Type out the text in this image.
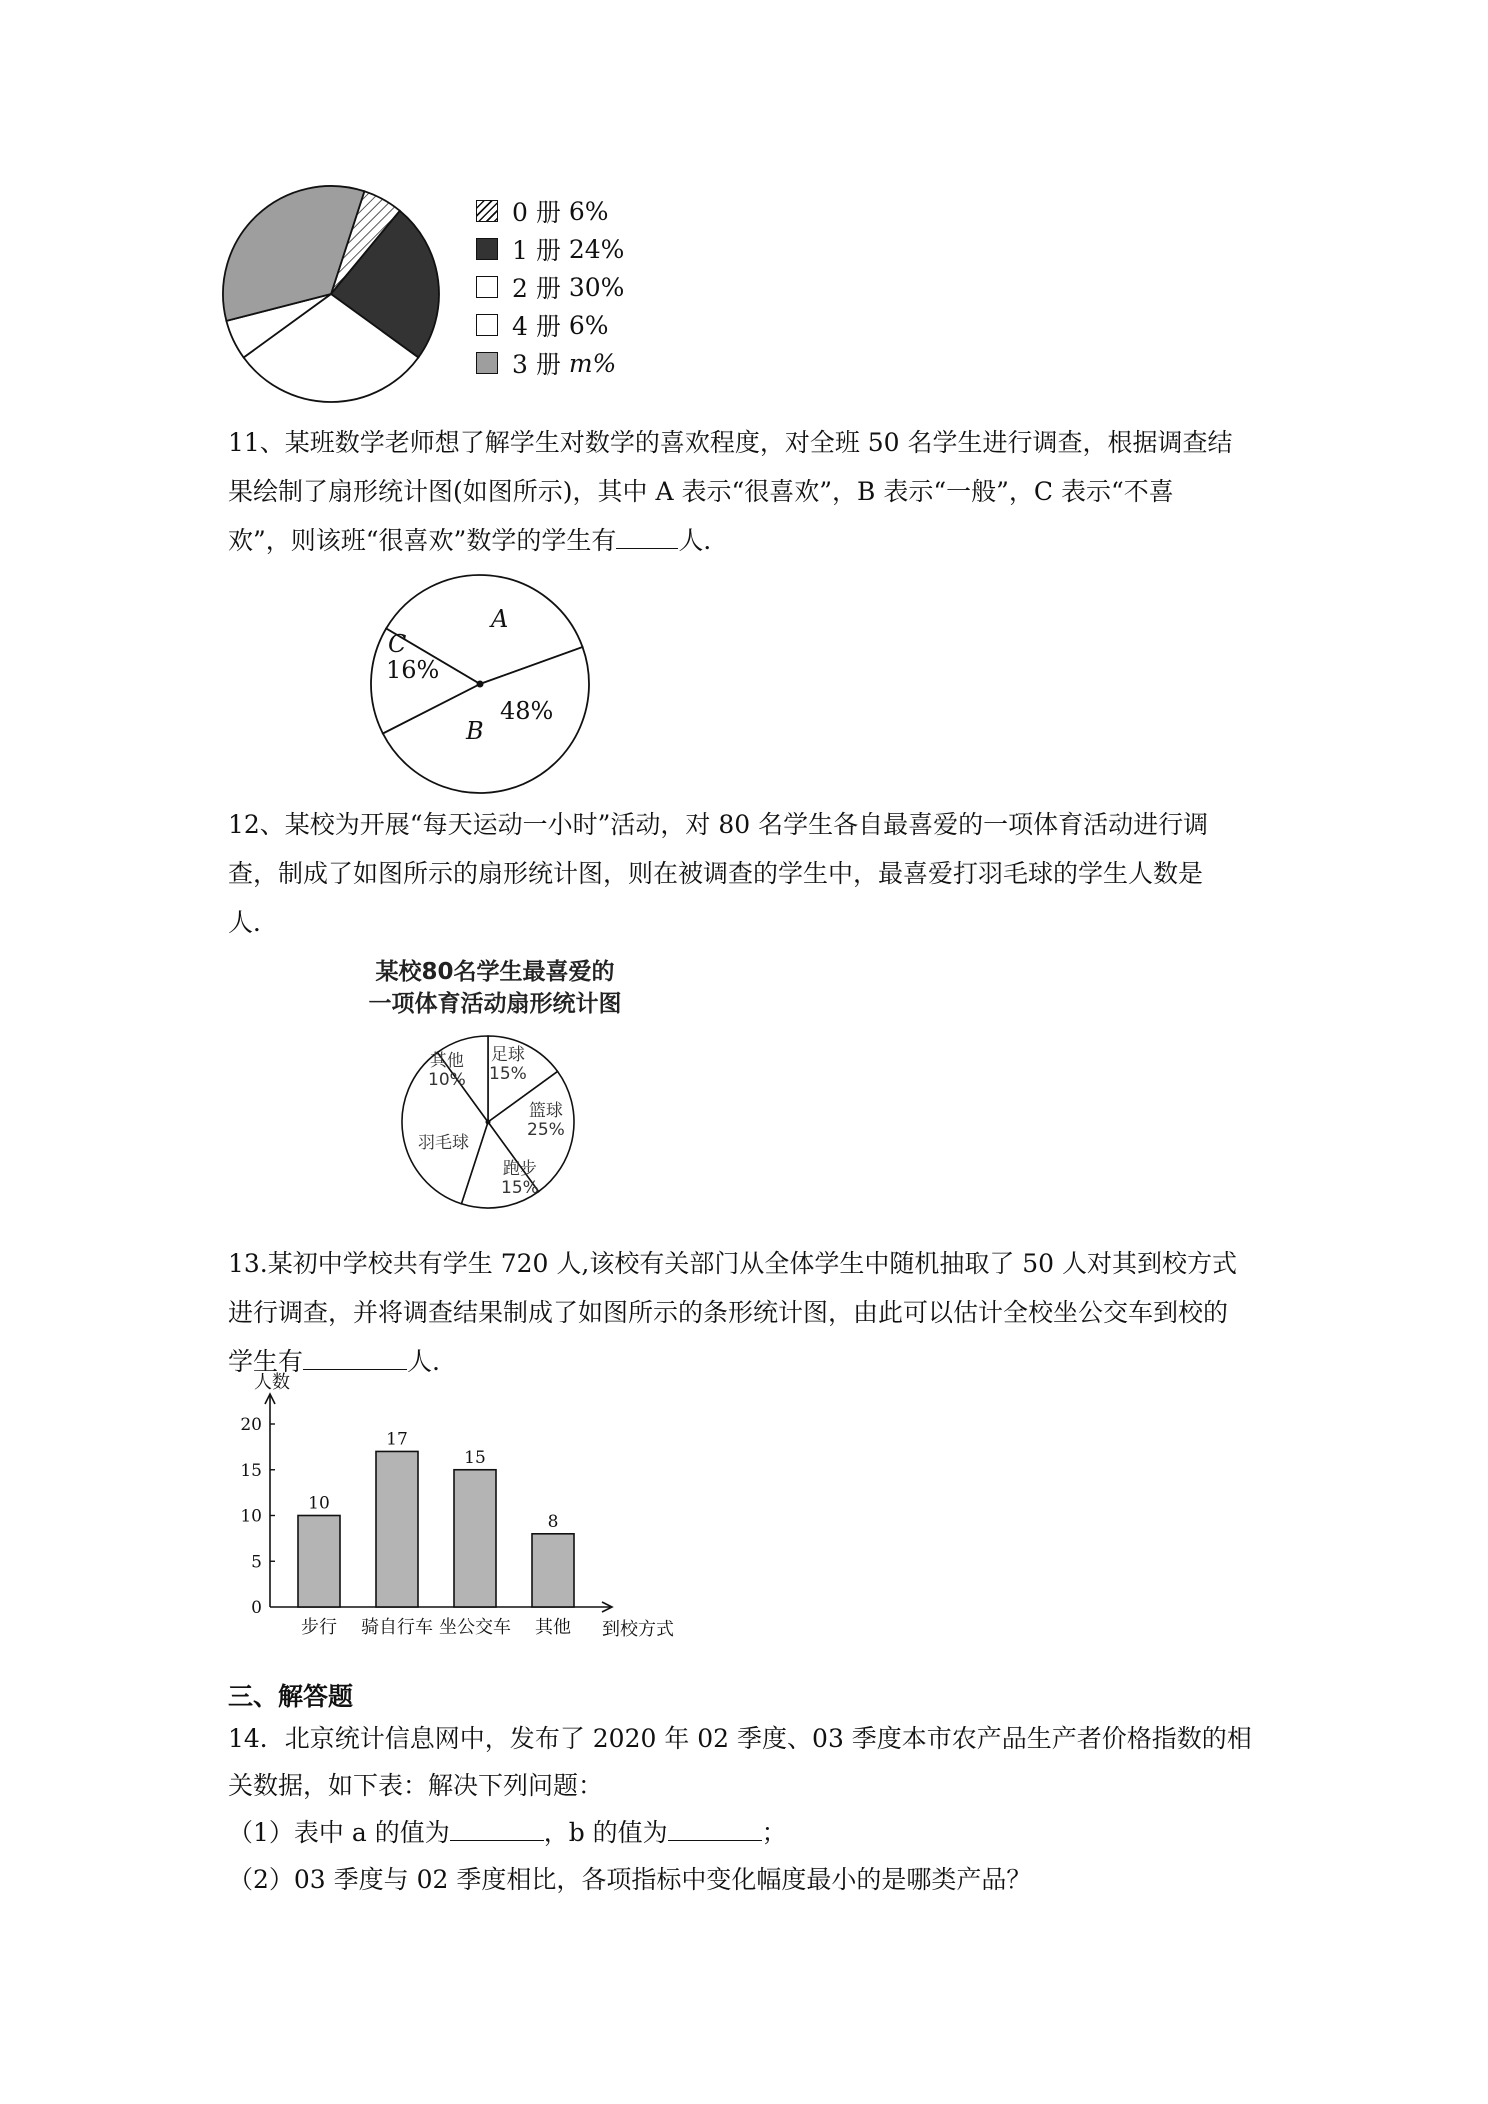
0 册
6%
1 册
24%
2 册
30%
4 册
6%
3 册
m%
11、某班数学老师想了解学生对数学的喜欢程度，对全班 50 名学生进行调查，根据调查结
果绘制了扇形统计图(如图所示)，其中 A 表示“很喜欢”，B 表示“一般”，C 表示“不喜
欢”，则该班“很喜欢”数学的学生有 人．
A
C
16%
48%
B
12、某校为开展“每天运动一小时”活动，对 80 名学生各自最喜爱的一项体育活动进行调
查，制成了如图所示的扇形统计图，则在被调查的学生中，最喜爱打羽毛球的学生人数是
人．
某校80名学生最喜爱的
一项体育活动扇形统计图
其他
10%
足球
15%
篮球
25%
羽毛球
跑步
15%
13.某初中学校共有学生 720 人,该校有关部门从全体学生中随机抽取了 50 人对其到校方式
进行调查，并将调查结果制成了如图所示的条形统计图，由此可以估计全校坐公交车到校的
学生有	人.
0
5
10
15
20
人数
10
步行
17
骑自行车
15
坐公交车
8
其他 到校方式
三、解答题
14．北京统计信息网中，发布了 2020 年 02 季度、03 季度本市农产品生产者价格指数的相
关数据，如下表：解决下列问题：
（1）表中 a 的值为	，b 的值为	；
（2）03 季度与 02 季度相比，各项指标中变化幅度最小的是哪类产品？
